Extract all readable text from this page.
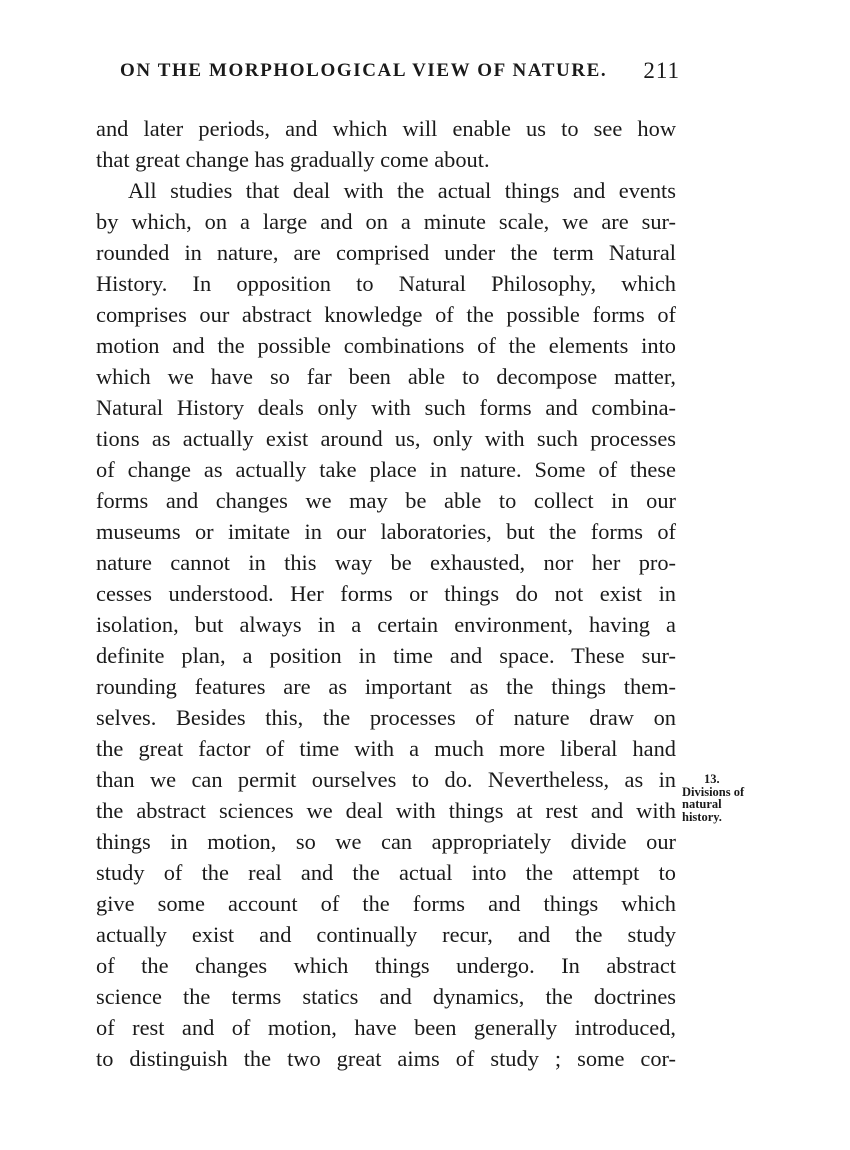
ON THE MORPHOLOGICAL VIEW OF NATURE. 211
and later periods, and which will enable us to see how
that great change has gradually come about.
All studies that deal with the actual things and events
by which, on a large and on a minute scale, we are sur-
rounded in nature, are comprised under the term Natural
History. In opposition to Natural Philosophy, which
comprises our abstract knowledge of the possible forms of
motion and the possible combinations of the elements into
which we have so far been able to decompose matter,
Natural History deals only with such forms and combina-
tions as actually exist around us, only with such processes
of change as actually take place in nature. Some of these
forms and changes we may be able to collect in our
museums or imitate in our laboratories, but the forms of
nature cannot in this way be exhausted, nor her pro-
cesses understood. Her forms or things do not exist in
isolation, but always in a certain environment, having a
definite plan, a position in time and space. These sur-
rounding features are as important as the things them-
selves. Besides this, the processes of nature draw on
the great factor of time with a much more liberal hand
than we can permit ourselves to do. Nevertheless, as in
the abstract sciences we deal with things at rest and with
things in motion, so we can appropriately divide our
study of the real and the actual into the attempt to
give some account of the forms and things which
actually exist and continually recur, and the study
of the changes which things undergo. In abstract
science the terms statics and dynamics, the doctrines
of rest and of motion, have been generally introduced,
to distinguish the two great aims of study ; some cor-
13.
Divisions of
natural
history.
